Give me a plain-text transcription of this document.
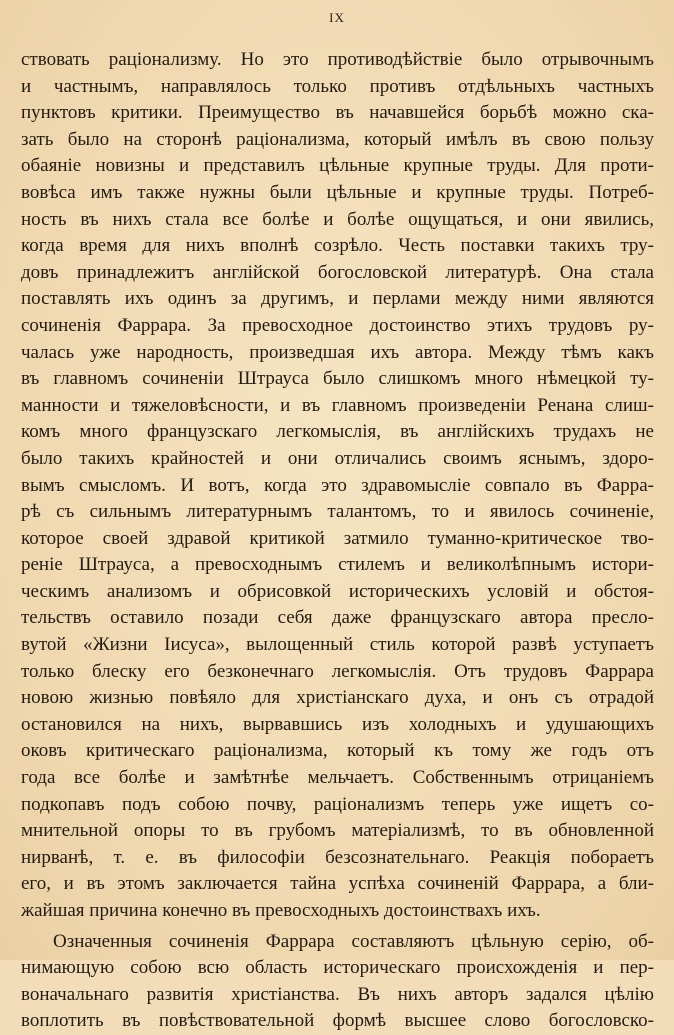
IX
ствовать раціонализму. Но это противодѣйствіе было отрывочнымъ
и частнымъ, направлялось только противъ отдѣльныхъ частныхъ
пунктовъ критики. Преимущество въ начавшейся борьбѣ можно ска-
зать было на сторонѣ раціонализма, который имѣлъ въ свою пользу
обаяніе новизны и представилъ цѣльные крупные труды. Для проти-
вовѣса имъ также нужны были цѣльные и крупные труды. Потреб-
ность въ нихъ стала все болѣе и болѣе ощущаться, и они явились,
когда время для нихъ вполнѣ созрѣло. Честь поставки такихъ тру-
довъ принадлежитъ англійской богословской литературѣ. Она стала
поставлять ихъ одинъ за другимъ, и перлами между ними являются
сочиненія Фаррара. За превосходное достоинство этихъ трудовъ ру-
чалась уже народность, произведшая ихъ автора. Между тѣмъ какъ
въ главномъ сочиненіи Штрауса было слишкомъ много нѣмецкой ту-
манности и тяжеловѣсности, и въ главномъ произведеніи Ренана слиш-
комъ много французскаго легкомыслія, въ англійскихъ трудахъ не
было такихъ крайностей и они отличались своимъ яснымъ, здоро-
вымъ смысломъ. И вотъ, когда это здравомысліе совпало въ Фарра-
рѣ съ сильнымъ литературнымъ талантомъ, то и явилось сочиненіе,
которое своей здравой критикой затмило туманно-критическое тво-
реніе Штрауса, а превосходнымъ стилемъ и великолѣпнымъ истори-
ческимъ анализомъ и обрисовкой историческихъ условій и обстоя-
тельствъ оставило позади себя даже французскаго автора пресло-
вутой «Жизни Іисуса», вылощенный стиль которой развѣ уступаетъ
только блеску его безконечнаго легкомыслія. Отъ трудовъ Фаррара
новою жизнью повѣяло для христіанскаго духа, и онъ съ отрадой
остановился на нихъ, вырвавшись изъ холодныхъ и удушающихъ
оковъ критическаго раціонализма, который къ тому же годъ отъ
года все болѣе и замѣтнѣе мельчаетъ. Собственнымъ отрицаніемъ
подкопавъ подъ собою почву, раціонализмъ теперь уже ищетъ со-
мнительной опоры то въ грубомъ матеріализмѣ, то въ обновленной
нирванѣ, т. е. въ философіи безсознательнаго. Реакція побораетъ
его, и въ этомъ заключается тайна успѣха сочиненій Фаррара, а бли-
жайшая причина конечно въ превосходныхъ достоинствахъ ихъ.
Означенныя сочиненія Фаррара составляютъ цѣльную серію, об-
нимающую собою всю область историческаго происхожденія и пер-
воначальнаго развитія христіанства. Въ нихъ авторъ задался цѣлію
воплотить въ повѣствовательной формѣ высшее слово богословско-
